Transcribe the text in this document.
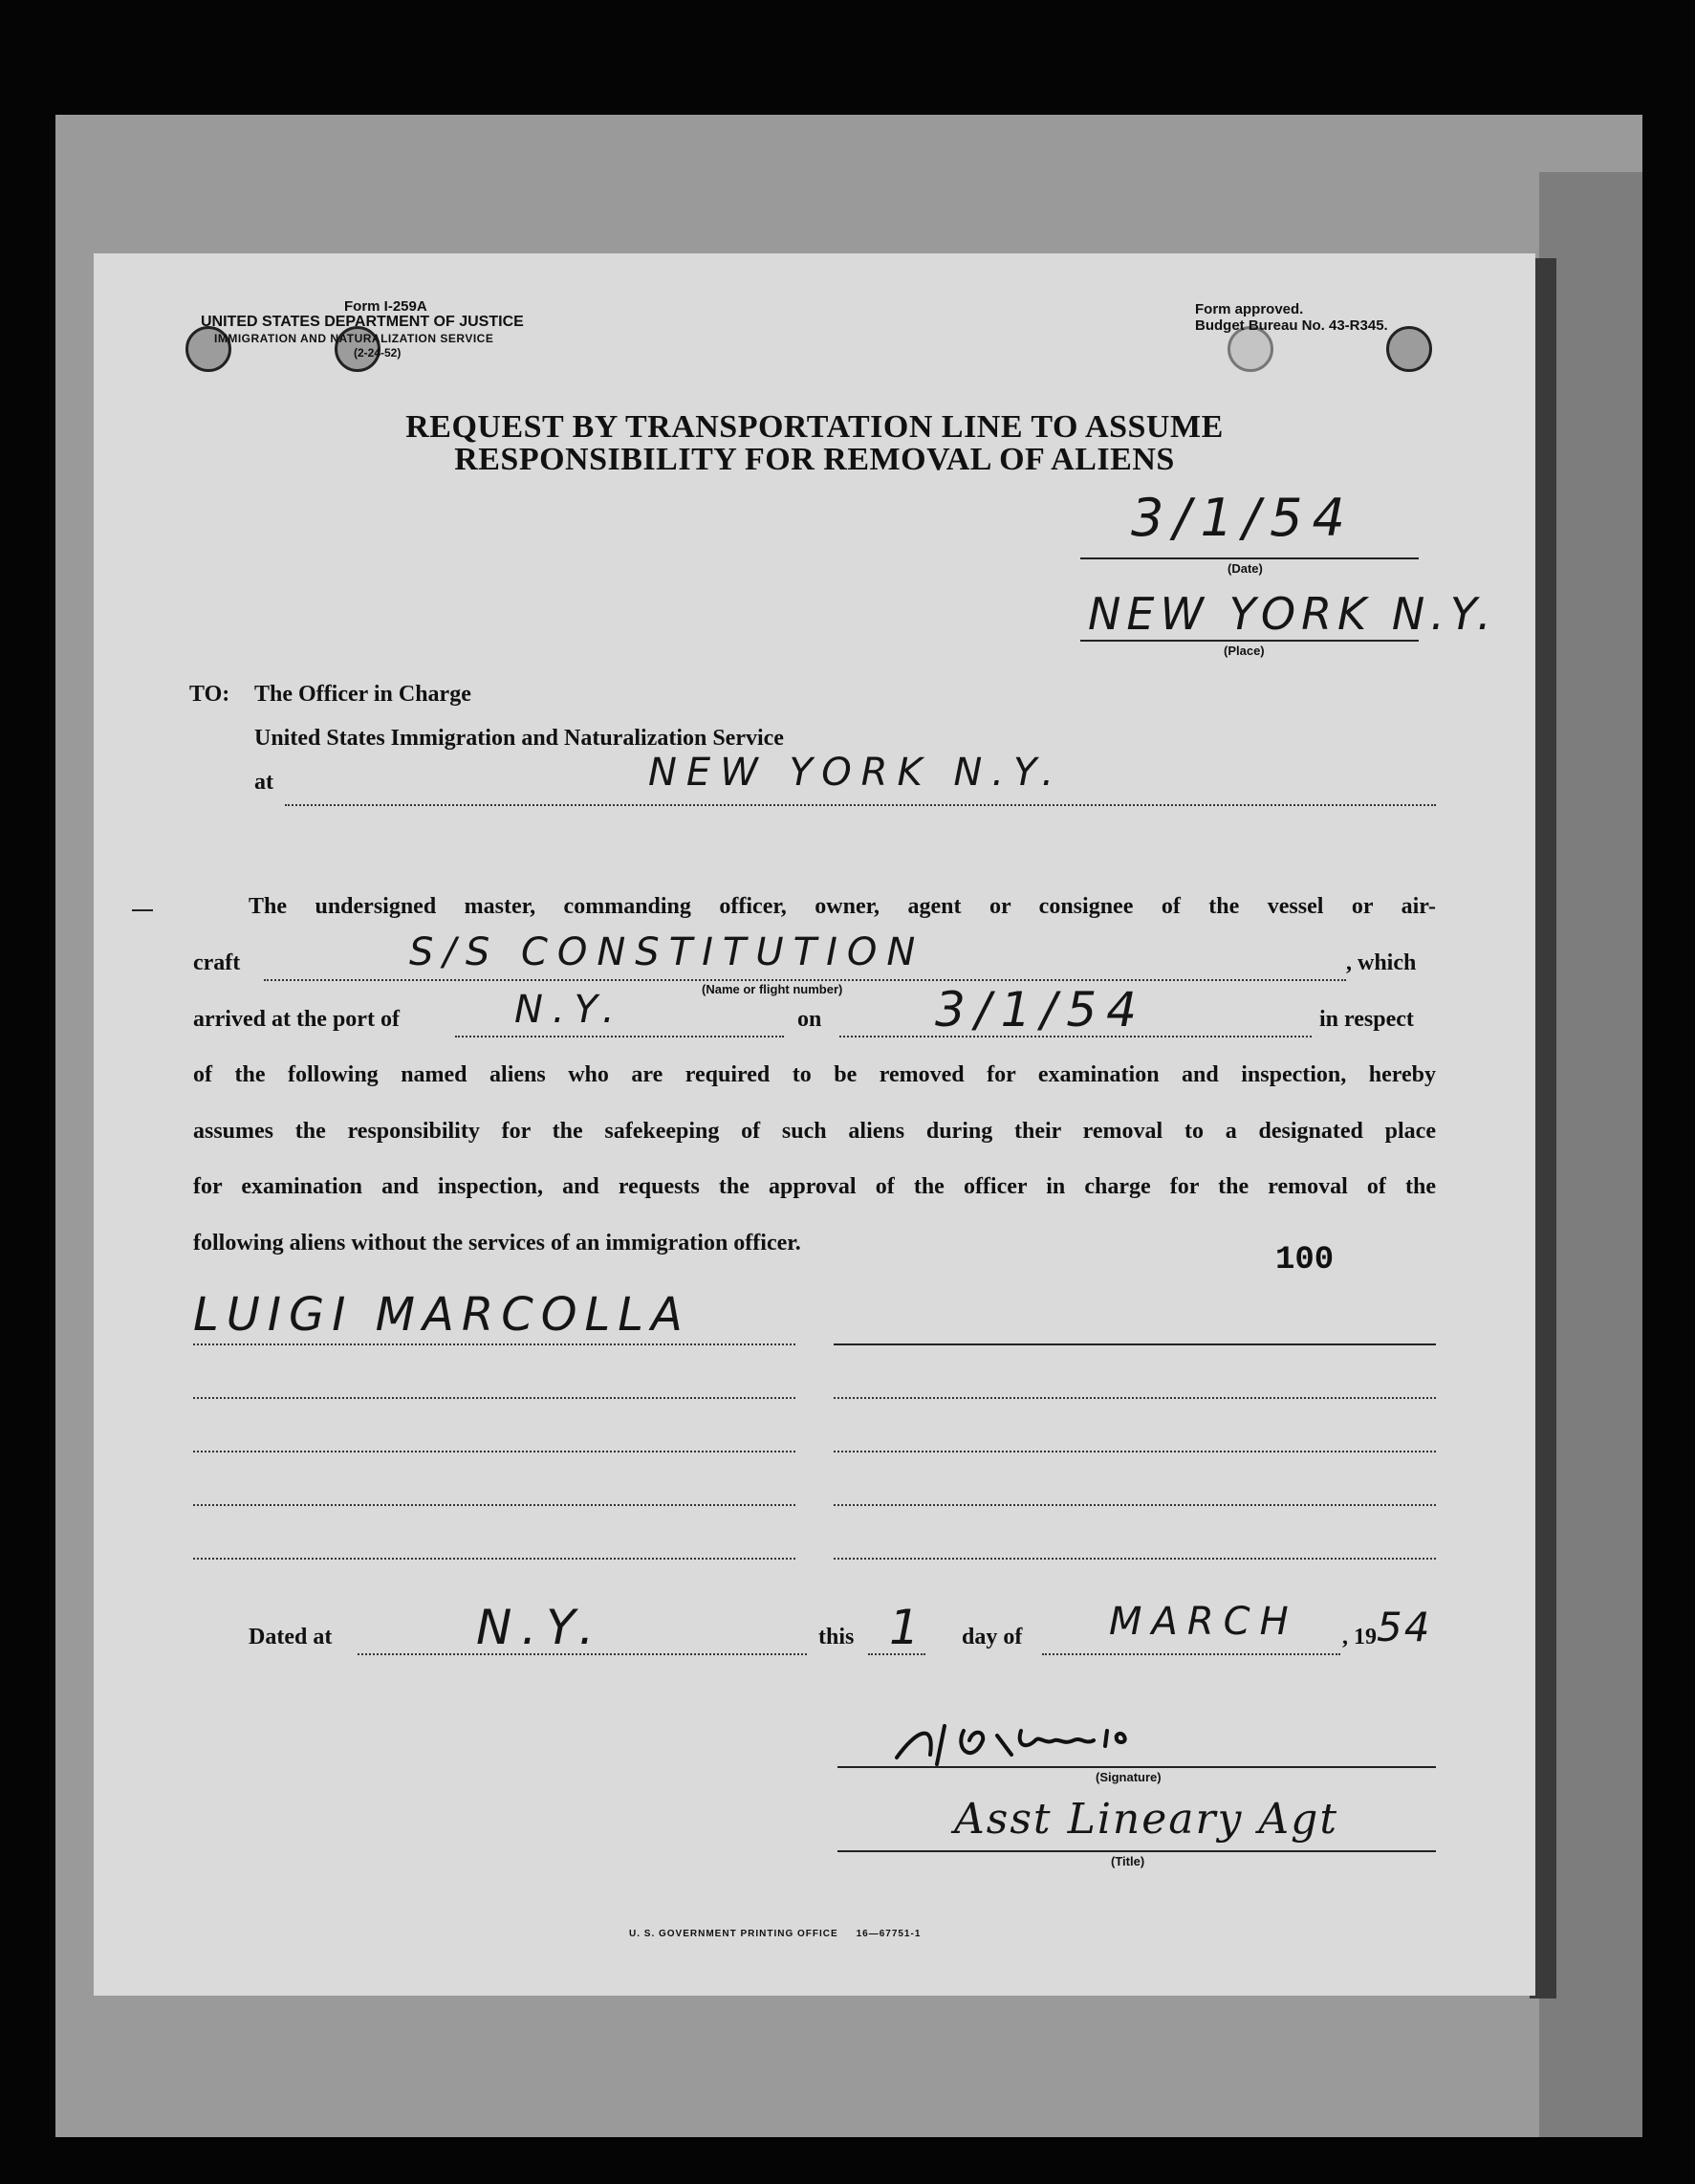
Form I-259A
UNITED STATES DEPARTMENT OF JUSTICE
IMMIGRATION AND NATURALIZATION SERVICE
(2-24-52)
Form approved.
Budget Bureau No. 43-R345.
REQUEST BY TRANSPORTATION LINE TO ASSUME
RESPONSIBILITY FOR REMOVAL OF ALIENS
3/1/54
(Date)
NEW YORK N.Y.
(Place)
TO: The Officer in Charge
United States Immigration and Naturalization Service
at	NEW YORK N.Y.
The undersigned master, commanding officer, owner, agent or consignee of the vessel or air-
craft	S/S CONSTITUTION	, which
(Name or flight number)
arrived at the port of	N.Y.	on 3/1/54	in respect
of the following named aliens who are required to be removed for examination and inspection, hereby
assumes the responsibility for the safekeeping of such aliens during their removal to a designated place
for examination and inspection, and requests the approval of the officer in charge for the removal of the
following aliens without the services of an immigration officer.	100
LUIGI MARCOLLA
Dated at	N.Y.	this 1 day of MARCH , 19 54
(Signature)
Asst Lineary Agt
(Title)
U. S. GOVERNMENT PRINTING OFFICE     16—67751-1
